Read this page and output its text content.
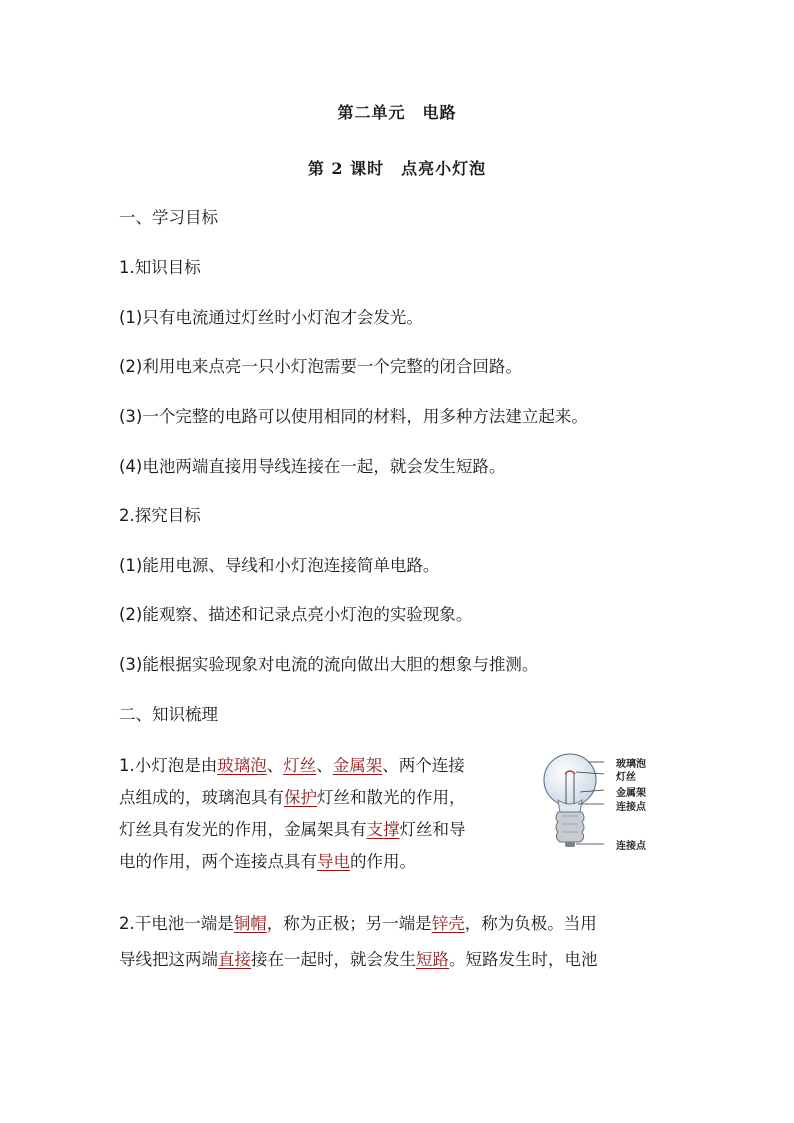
第二单元　电路
第 2 课时　点亮小灯泡
一、学习目标
1.知识目标
(1)只有电流通过灯丝时小灯泡才会发光。
(2)利用电来点亮一只小灯泡需要一个完整的闭合回路。
(3)一个完整的电路可以使用相同的材料，用多种方法建立起来。
(4)电池两端直接用导线连接在一起，就会发生短路。
2.探究目标
(1)能用电源、导线和小灯泡连接简单电路。
(2)能观察、描述和记录点亮小灯泡的实验现象。
(3)能根据实验现象对电流的流向做出大胆的想象与推测。
二、知识梳理
1.小灯泡是由玻璃泡、灯丝、金属架、两个连接
点组成的，玻璃泡具有保护灯丝和散光的作用，
灯丝具有发光的作用，金属架具有支撑灯丝和导
电的作用，两个连接点具有导电的作用。
玻璃泡
灯丝
金属架
连接点
连接点
2.干电池一端是铜帽，称为正极；另一端是锌壳，称为负极。当用
导线把这两端直接接在一起时，就会发生短路。短路发生时，电池
